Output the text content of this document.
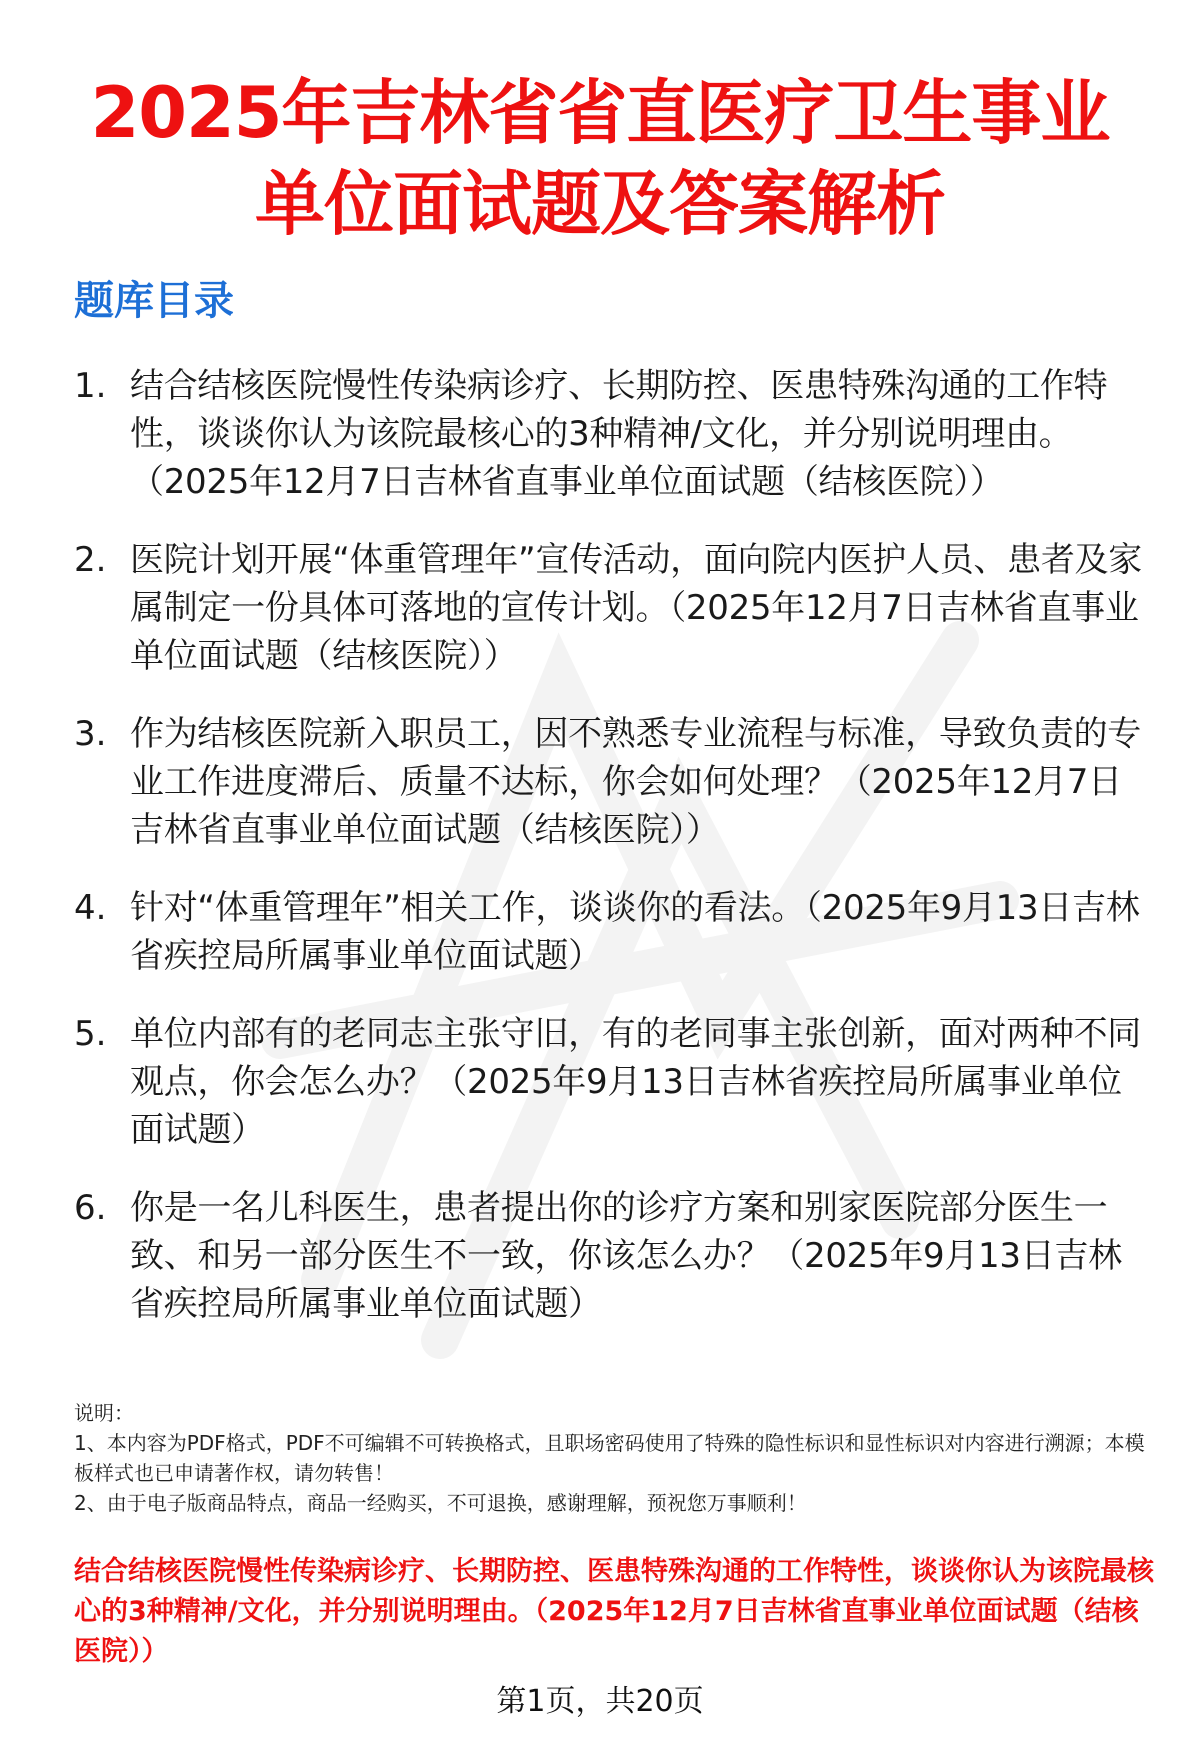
2025年吉林省省直医疗卫生事业单位面试题及答案解析
题库目录
1. 结合结核医院慢性传染病诊疗、长期防控、医患特殊沟通的工作特性，谈谈你认为该院最核心的3种精神/文化，并分别说明理由。（2025年12月7日吉林省直事业单位面试题（结核医院））
2. 医院计划开展“体重管理年”宣传活动，面向院内医护人员、患者及家属制定一份具体可落地的宣传计划。（2025年12月7日吉林省直事业单位面试题（结核医院））
3. 作为结核医院新入职员工，因不熟悉专业流程与标准，导致负责的专业工作进度滞后、质量不达标，你会如何处理？（2025年12月7日吉林省直事业单位面试题（结核医院））
4. 针对“体重管理年”相关工作，谈谈你的看法。（2025年9月13日吉林省疾控局所属事业单位面试题）
5. 单位内部有的老同志主张守旧，有的老同事主张创新，面对两种不同观点，你会怎么办？（2025年9月13日吉林省疾控局所属事业单位面试题）
6. 你是一名儿科医生，患者提出你的诊疗方案和别家医院部分医生一致、和另一部分医生不一致，你该怎么办？（2025年9月13日吉林省疾控局所属事业单位面试题）

说明：

1、本内容为PDF格式，PDF不可编辑不可转换格式，且职场密码使用了特殊的隐性标识和显性标识对内容进行溯源；本模板样式也已申请著作权，请勿转售！

2、由于电子版商品特点，商品一经购买，不可退换，感谢理解，预祝您万事顺利！

结合结核医院慢性传染病诊疗、长期防控、医患特殊沟通的工作特性，谈谈你认为该院最核心的3种精神/文化，并分别说明理由。（2025年12月7日吉林省直事业单位面试题（结核医院））

第1页，共20页
